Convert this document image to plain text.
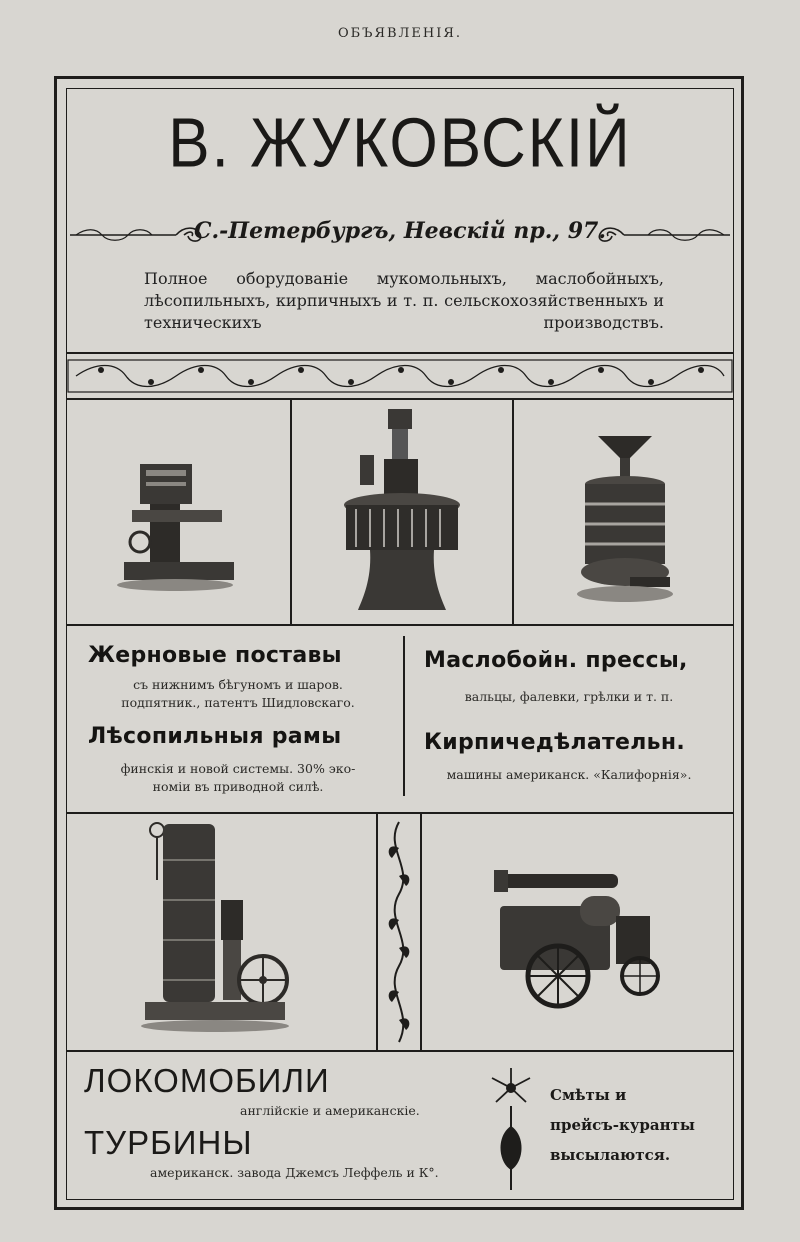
ОБЪЯВЛЕНІЯ.
В. ЖУКОВСКІЙ
С.-Петербургъ, Невскій пр., 97.
Полное оборудованіе мукомольныхъ, маслобойныхъ, лѣсопильныхъ, кирпичныхъ и т. п. сельскохозяйственныхъ и техническихъ производствъ.
Жерновые поставы
съ нижнимъ бѣгуномъ и шаров.
подпятник., патентъ Шидловскаго.
Лѣсопильныя рамы
финскія и новой системы. 30% эко-
номіи въ приводной силѣ.
Маслобойн. прессы,
вальцы, фалевки, грѣлки и т. п.
Кирпичедѣлательн.
машины американск. «Калифорнія».
ЛОКОМОБИЛИ
англійскіе и американскіе.
ТУРБИНЫ
американск. завода Джемсъ Леффель и К°.
Смѣты и
прейсъ-куранты
высылаются.
